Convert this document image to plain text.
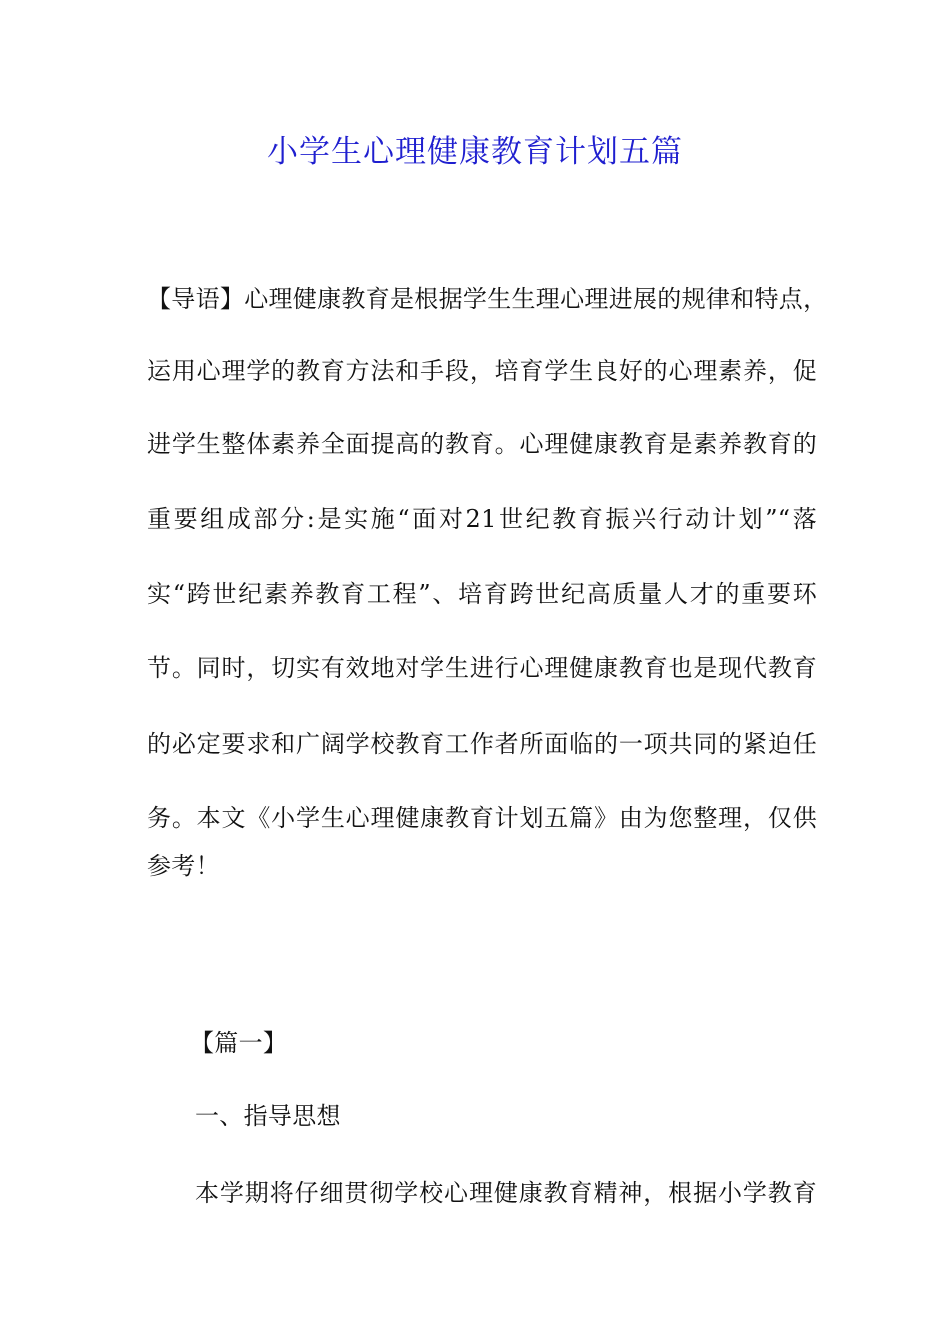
小学生心理健康教育计划五篇

【导语】心理健康教育是根据学生生理心理进展的规律和特点，

运用心理学的教育方法和手段，培育学生良好的心理素养，促

进学生整体素养全面提高的教育。心理健康教育是素养教育的

重要组成部分:是实施“面对21世纪教育振兴行动计划”“落

实“跨世纪素养教育工程”、培育跨世纪高质量人才的重要环

节。同时，切实有效地对学生进行心理健康教育也是现代教育

的必定要求和广阔学校教育工作者所面临的一项共同的紧迫任

务。本文《小学生心理健康教育计划五篇》由为您整理，仅供

参考！

【篇一】

一、指导思想

本学期将仔细贯彻学校心理健康教育精神，根据小学教育
